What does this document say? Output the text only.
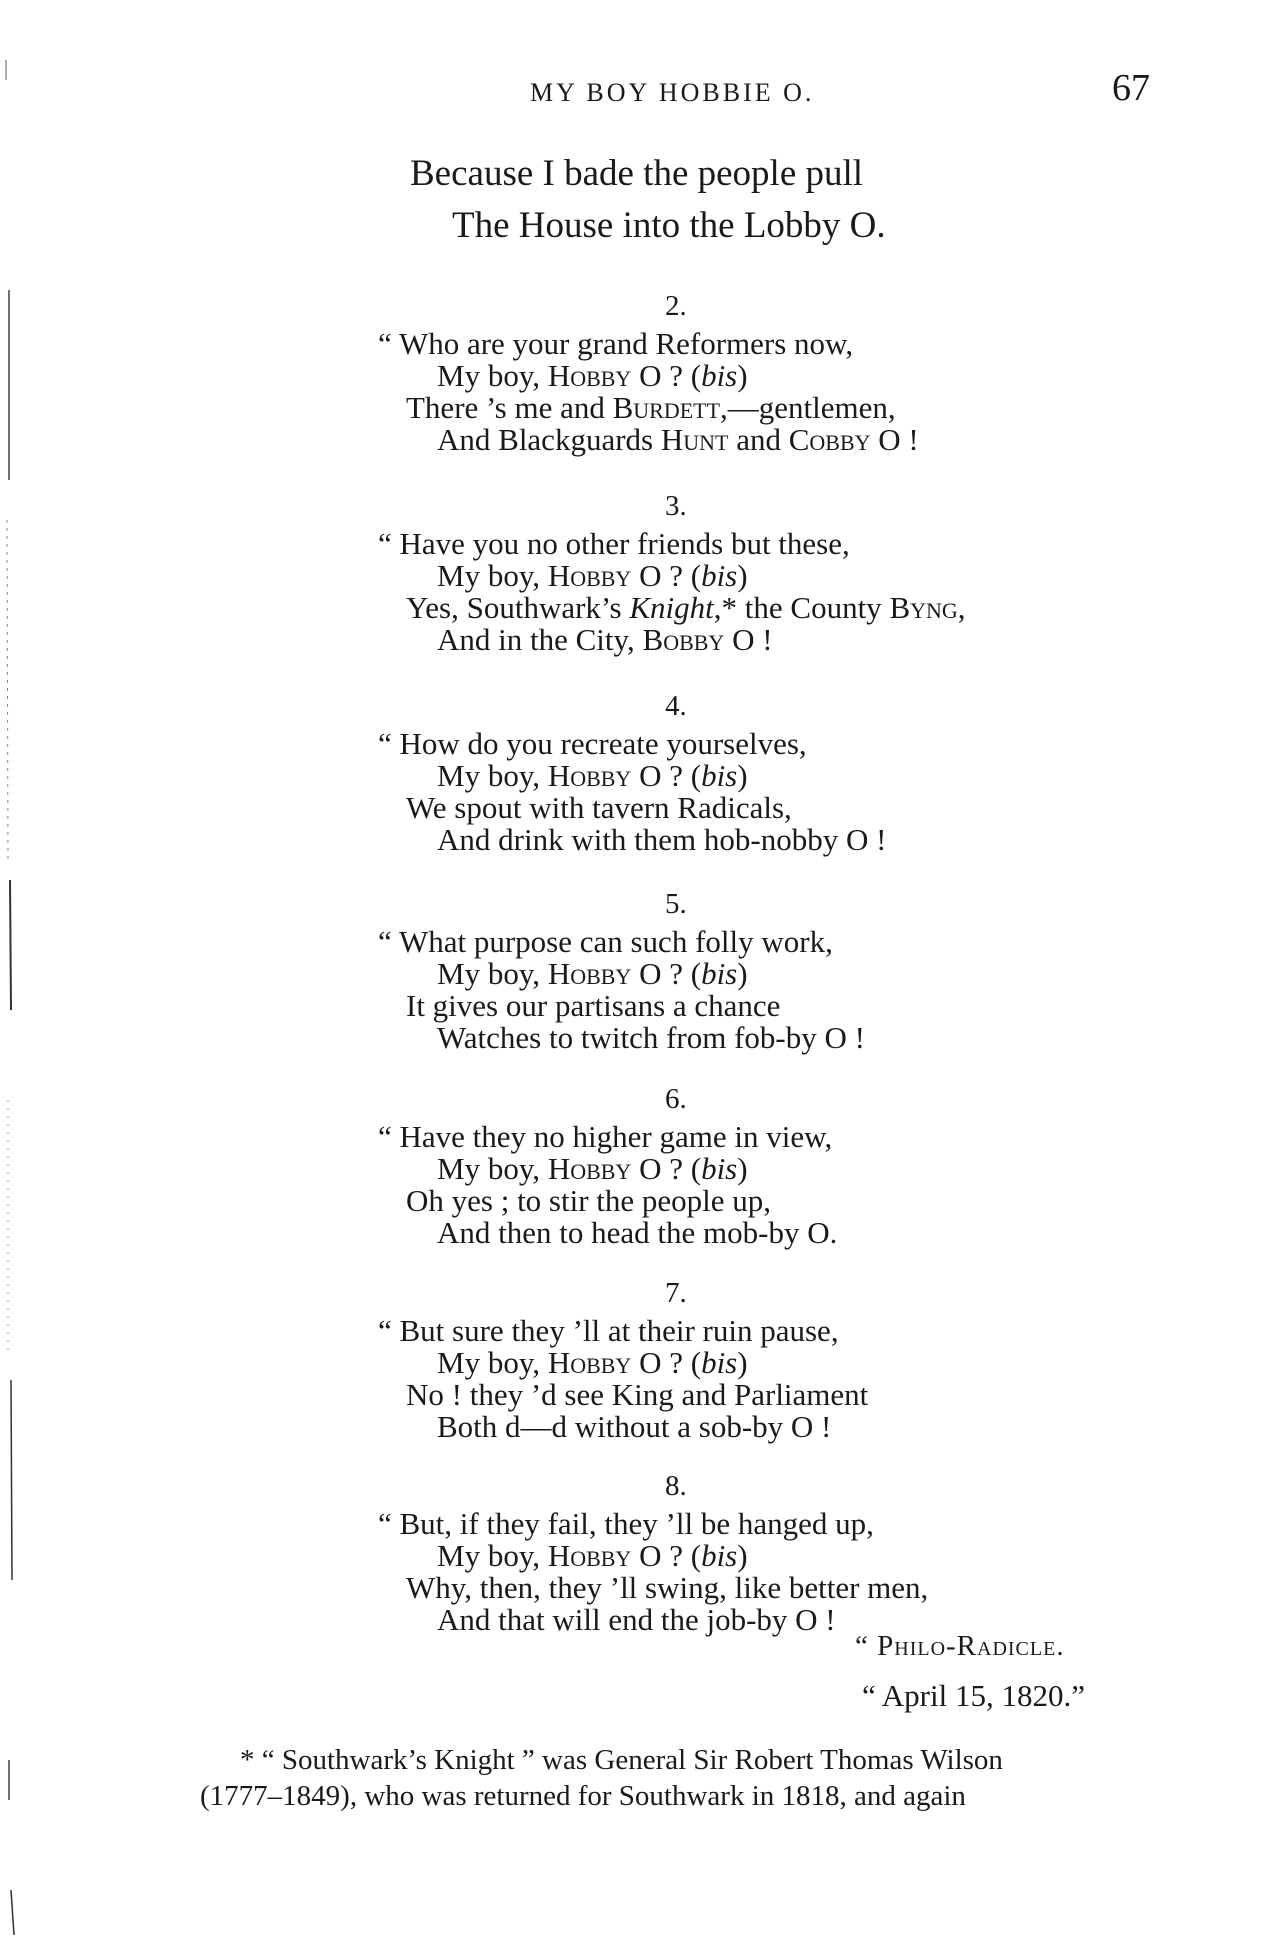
MY BOY HOBBIE O.	67
Because I bade the people pull
The House into the Lobby O.
2.
“ Who are your grand Reformers now,
My boy, Hobby O ? (bis)
There ’s me and Burdett,—gentlemen,
And Blackguards Hunt and Cobby O !
3.
“ Have you no other friends but these,
My boy, Hobby O ? (bis)
Yes, Southwark’s Knight,* the County Byng,
And in the City, Bobby O !
4.
“ How do you recreate yourselves,
My boy, Hobby O ? (bis)
We spout with tavern Radicals,
And drink with them hob-nobby O !
5.
“ What purpose can such folly work,
My boy, Hobby O ? (bis)
It gives our partisans a chance
Watches to twitch from fob-by O !
6.
“ Have they no higher game in view,
My boy, Hobby O ? (bis)
Oh yes ; to stir the people up,
And then to head the mob-by O.
7.
“ But sure they ’ll at their ruin pause,
My boy, Hobby O ? (bis)
No ! they ’d see King and Parliament
Both d—d without a sob-by O !
8.
“ But, if they fail, they ’ll be hanged up,
My boy, Hobby O ? (bis)
Why, then, they ’ll swing, like better men,
And that will end the job-by O !
“ Philo-Radicle.
“ April 15, 1820.”
* “ Southwark’s Knight ” was General Sir Robert Thomas Wilson
(1777–1849), who was returned for Southwark in 1818, and again
